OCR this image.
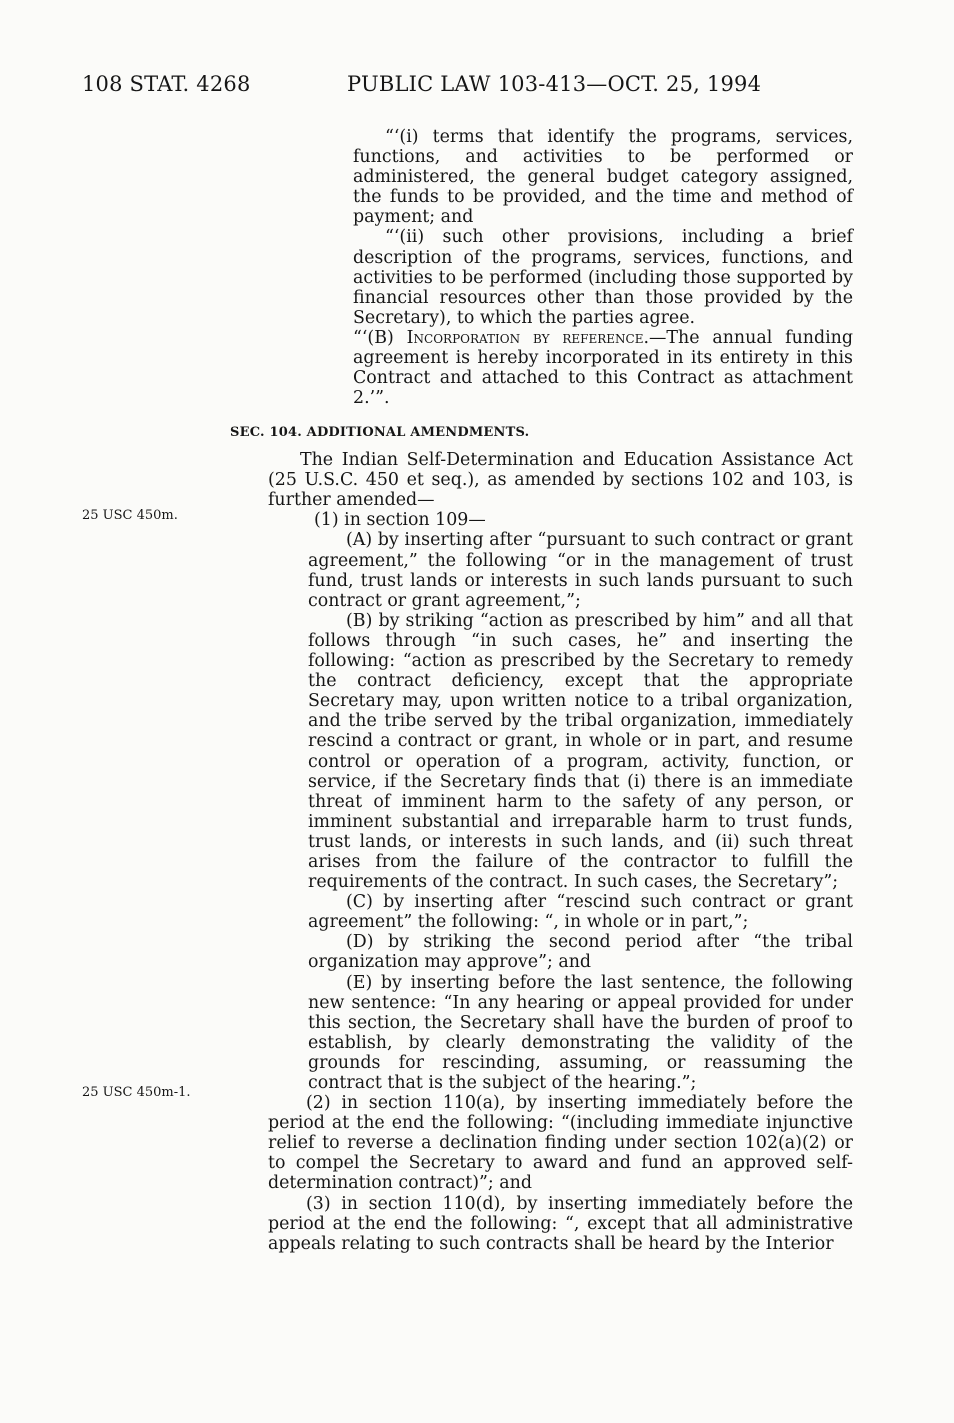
108 STAT. 4268	PUBLIC LAW 103-413—OCT. 25, 1994
25 USC 450m.
25 USC 450m-1.

“‘(i) terms that identify the programs, services, functions, and activities to be performed or administered, the general budget category assigned, the funds to be provided, and the time and method of payment; and

“‘(ii) such other provisions, including a brief description of the programs, services, functions, and activities to be performed (including those supported by financial resources other than those provided by the Secretary), to which the parties agree.

“‘(B) Incorporation by reference.—The annual funding agreement is hereby incorporated in its entirety in this Contract and attached to this Contract as attachment 2.’”.

SEC. 104. ADDITIONAL AMENDMENTS.

The Indian Self-Determination and Education Assistance Act (25 U.S.C. 450 et seq.), as amended by sections 102 and 103, is further amended—

(1) in section 109—

(A) by inserting after “pursuant to such contract or grant agreement,” the following “or in the management of trust fund, trust lands or interests in such lands pursuant to such contract or grant agreement,”;

(B) by striking “action as prescribed by him” and all that follows through “in such cases, he” and inserting the following: “action as prescribed by the Secretary to remedy the contract deficiency, except that the appropriate Secretary may, upon written notice to a tribal organization, and the tribe served by the tribal organization, immediately rescind a contract or grant, in whole or in part, and resume control or operation of a program, activity, function, or service, if the Secretary finds that (i) there is an immediate threat of imminent harm to the safety of any person, or imminent substantial and irreparable harm to trust funds, trust lands, or interests in such lands, and (ii) such threat arises from the failure of the contractor to fulfill the requirements of the contract. In such cases, the Secretary”;

(C) by inserting after “rescind such contract or grant agreement” the following: “, in whole or in part,”;

(D) by striking the second period after “the tribal organization may approve”; and

(E) by inserting before the last sentence, the following new sentence: “In any hearing or appeal provided for under this section, the Secretary shall have the burden of proof to establish, by clearly demonstrating the validity of the grounds for rescinding, assuming, or reassuming the contract that is the subject of the hearing.”;

(2) in section 110(a), by inserting immediately before the period at the end the following: “(including immediate injunctive relief to reverse a declination finding under section 102(a)(2) or to compel the Secretary to award and fund an approved self-determination contract)”; and

(3) in section 110(d), by inserting immediately before the period at the end the following: “, except that all administrative appeals relating to such contracts shall be heard by the Interior
